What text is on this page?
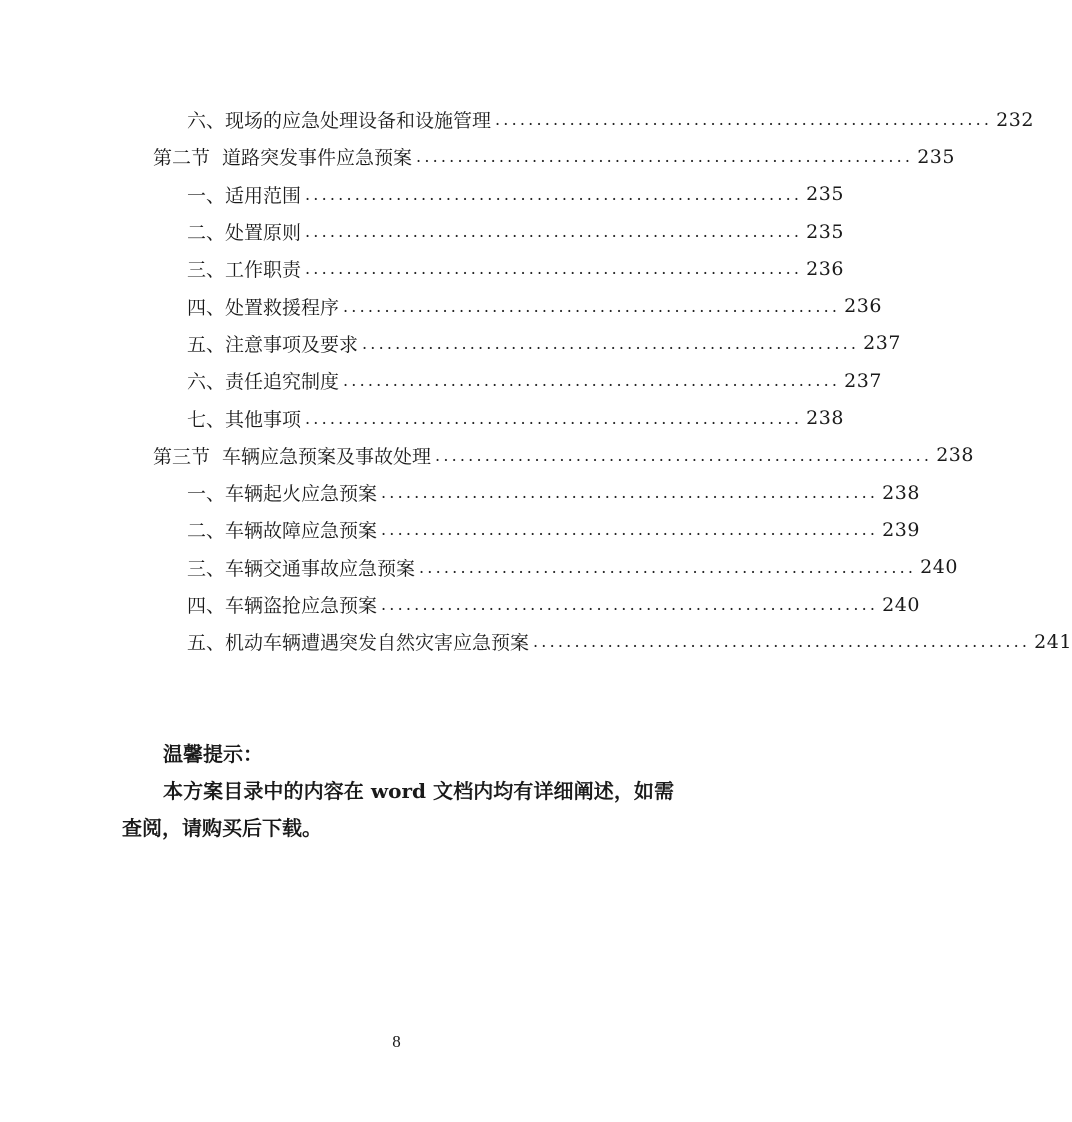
六、现场的应急处理设备和设施管理 ............................................................ 232
第二节 道路突发事件应急预案 ............................................................ 235
一、适用范围 ............................................................ 235
二、处置原则 ............................................................ 235
三、工作职责 ............................................................ 236
四、处置救援程序 ............................................................ 236
五、注意事项及要求 ............................................................ 237
六、责任追究制度 ............................................................ 237
七、其他事项 ............................................................ 238
第三节 车辆应急预案及事故处理 ............................................................ 238
一、车辆起火应急预案 ............................................................ 238
二、车辆故障应急预案 ............................................................ 239
三、车辆交通事故应急预案 ............................................................ 240
四、车辆盗抢应急预案 ............................................................ 240
五、机动车辆遭遇突发自然灾害应急预案 ............................................................ 241
温馨提示：
本方案目录中的内容在 word 文档内均有详细阐述，如需查阅，请购买后下载。
8
